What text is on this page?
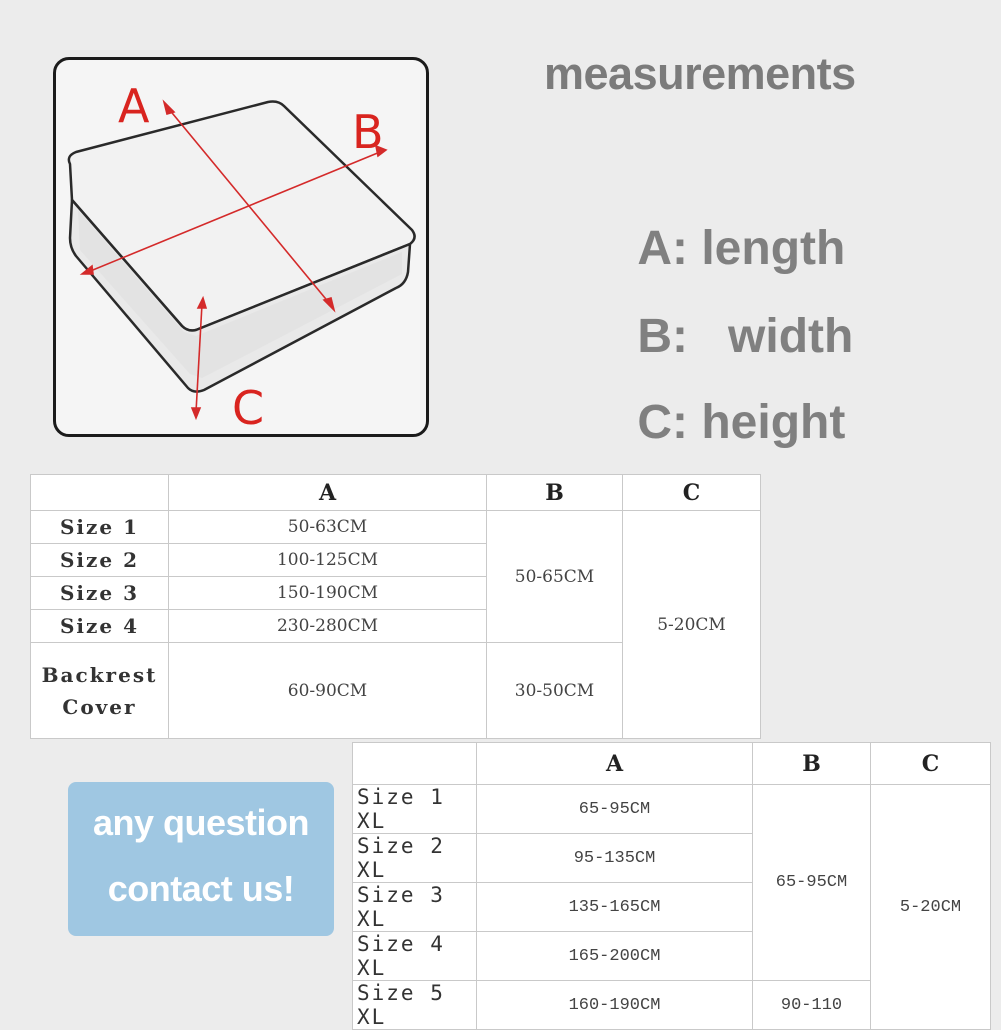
A	B
C
measurements

A: length

B: width

C: height

	A	B	C
Size 1	50-63CM	50-65CM	5-20CM
Size 2	100-125CM		
Size 3	150-190CM		
Size 4	230-280CM		

Backrest
Cover	60-90CM	30-50CM	
any question
contact us!
	A	B	C
Size 1 XL	65-95CM	65-95CM	5-20CM
Size 2 XL	95-135CM		
Size 3 XL	135-165CM		
Size 4 XL	165-200CM		
Size 5 XL	160-190CM	90-110	
